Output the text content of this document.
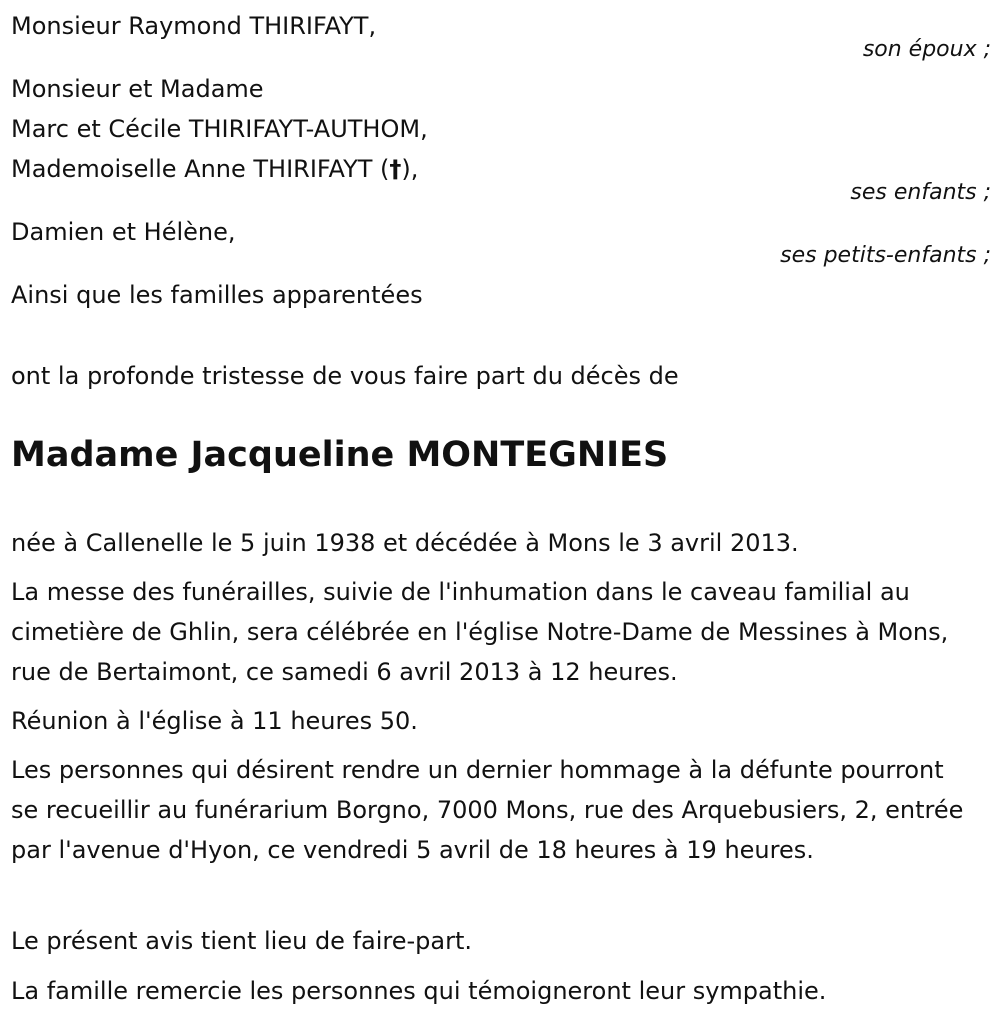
Monsieur Raymond THIRIFAYT,
son époux ;
Monsieur et Madame
Marc et Cécile THIRIFAYT-AUTHOM,
Mademoiselle Anne THIRIFAYT (†),
ses enfants ;
Damien et Hélène,
ses petits-enfants ;
Ainsi que les familles apparentées
ont la profonde tristesse de vous faire part du décès de
Madame Jacqueline MONTEGNIES
née à Callenelle le 5 juin 1938 et décédée à Mons le 3 avril 2013.
La messe des funérailles, suivie de l'inhumation dans le caveau familial au cimetière de Ghlin, sera célébrée en l'église Notre-Dame de Messines à Mons, rue de Bertaimont, ce samedi 6 avril 2013 à 12 heures.
Réunion à l'église à 11 heures 50.
Les personnes qui désirent rendre un dernier hommage à la défunte pourront se recueillir au funérarium Borgno, 7000 Mons, rue des Arquebusiers, 2, entrée par l'avenue d'Hyon, ce vendredi 5 avril de 18 heures à 19 heures.
Le présent avis tient lieu de faire-part.
La famille remercie les personnes qui témoigneront leur sympathie.
